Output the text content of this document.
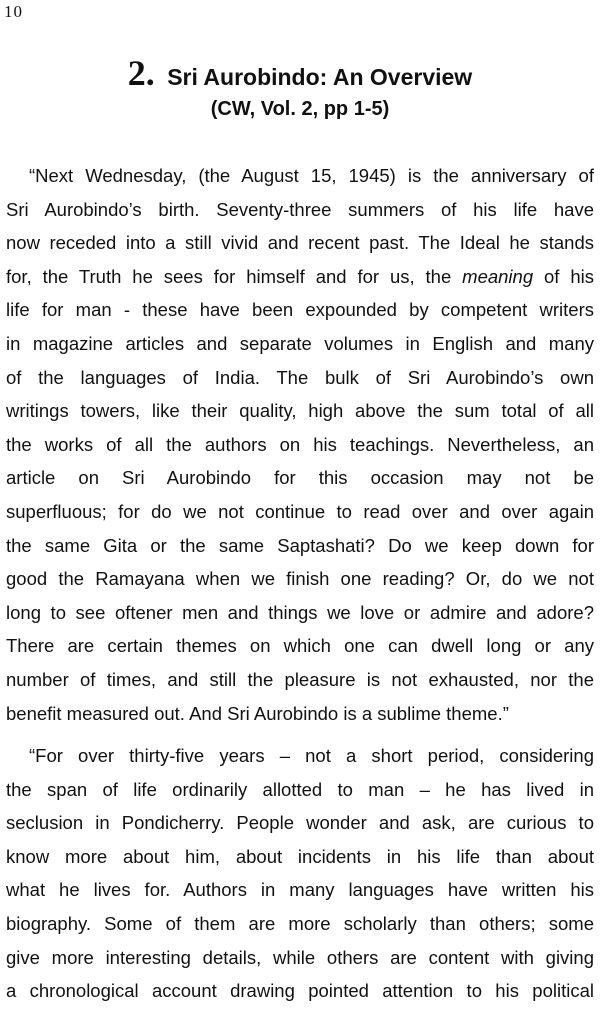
10
2. Sri Aurobindo: An Overview
(CW, Vol. 2, pp 1-5)
“Next Wednesday, (the August 15, 1945) is the anniversary of
Sri Aurobindo’s birth. Seventy-three summers of his life have
now receded into a still vivid and recent past. The Ideal he stands
for, the Truth he sees for himself and for us, the meaning of his
life for man - these have been expounded by competent writers
in magazine articles and separate volumes in English and many
of the languages of India. The bulk of Sri Aurobindo’s own
writings towers, like their quality, high above the sum total of all
the works of all the authors on his teachings. Nevertheless, an
article on Sri Aurobindo for this occasion may not be
superfluous; for do we not continue to read over and over again
the same Gita or the same Saptashati? Do we keep down for
good the Ramayana when we finish one reading? Or, do we not
long to see oftener men and things we love or admire and adore?
There are certain themes on which one can dwell long or any
number of times, and still the pleasure is not exhausted, nor the
benefit measured out. And Sri Aurobindo is a sublime theme.”
“For over thirty-five years – not a short period, considering
the span of life ordinarily allotted to man – he has lived in
seclusion in Pondicherry. People wonder and ask, are curious to
know more about him, about incidents in his life than about
what he lives for. Authors in many languages have written his
biography. Some of them are more scholarly than others; some
give more interesting details, while others are content with giving
a chronological account drawing pointed attention to his political
